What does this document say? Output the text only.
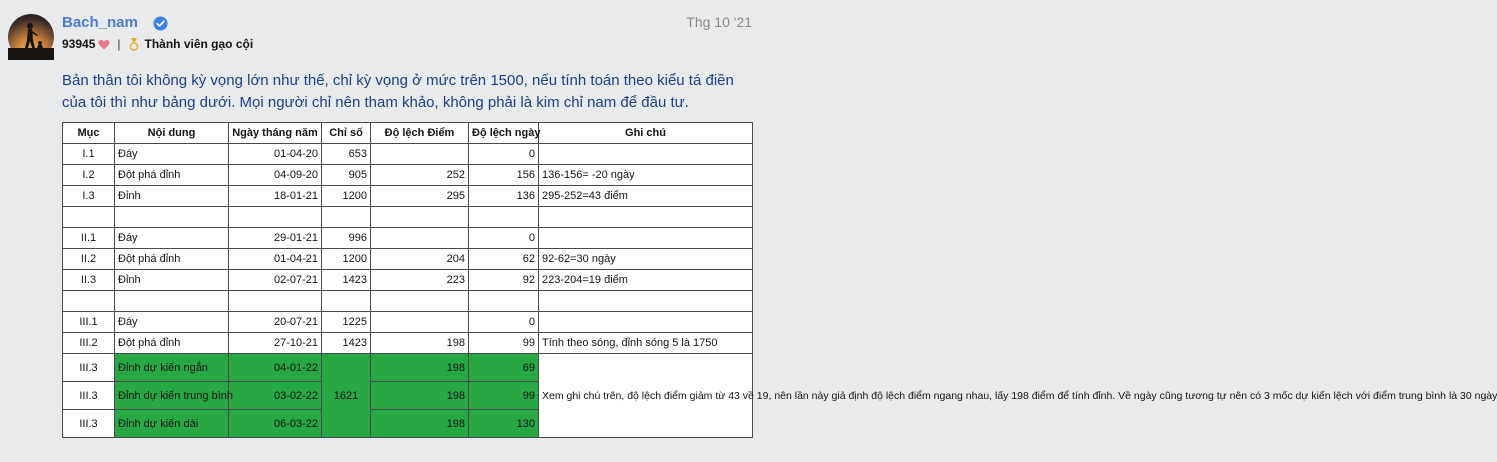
Bach_nam	Thg 10 '21
93945 | Thành viên gạo cội
Bản thân tôi không kỳ vọng lớn như thế, chỉ kỳ vọng ở mức trên 1500, nếu tính toán theo kiểu tá điền của tôi thì như bảng dưới. Mọi người chỉ nên tham khảo, không phải là kim chỉ nam để đầu tư.
Mục	Nội dung	Ngày tháng năm	Chỉ số	Độ lệch Điểm	Độ lệch ngày	Ghi chú
I.1	Đáy	01-04-20	653		0	
I.2	Đột phá đỉnh	04-09-20	905	252	156	136-156= -20 ngày
I.3	Đỉnh	18-01-21	1200	295	136	295-252=43 điểm

II.1	Đáy	29-01-21	996		0	
II.2	Đột phá đỉnh	01-04-21	1200	204	62	92-62=30 ngày
II.3	Đỉnh	02-07-21	1423	223	92	223-204=19 điểm

III.1	Đáy	20-07-21	1225		0	
III.2	Đột phá đỉnh	27-10-21	1423	198	99	Tính theo sóng, đỉnh sóng 5 là 1750
III.3	Đỉnh dự kiến ngắn	04-01-22	1621	198	69	Xem ghi chú trên, độ lệch điểm giảm từ 43 về 19, nên lần này giả định độ lệch điểm ngang nhau, lấy 198 điểm để tính đỉnh. Về ngày cũng tương tự nên có 3 mốc dự kiến lệch với điểm trung bình là 30 ngày
III.3	Đỉnh dự kiến trung bình	03-02-22		198	99	
III.3	Đỉnh dự kiến dài	06-03-22		198	130	
